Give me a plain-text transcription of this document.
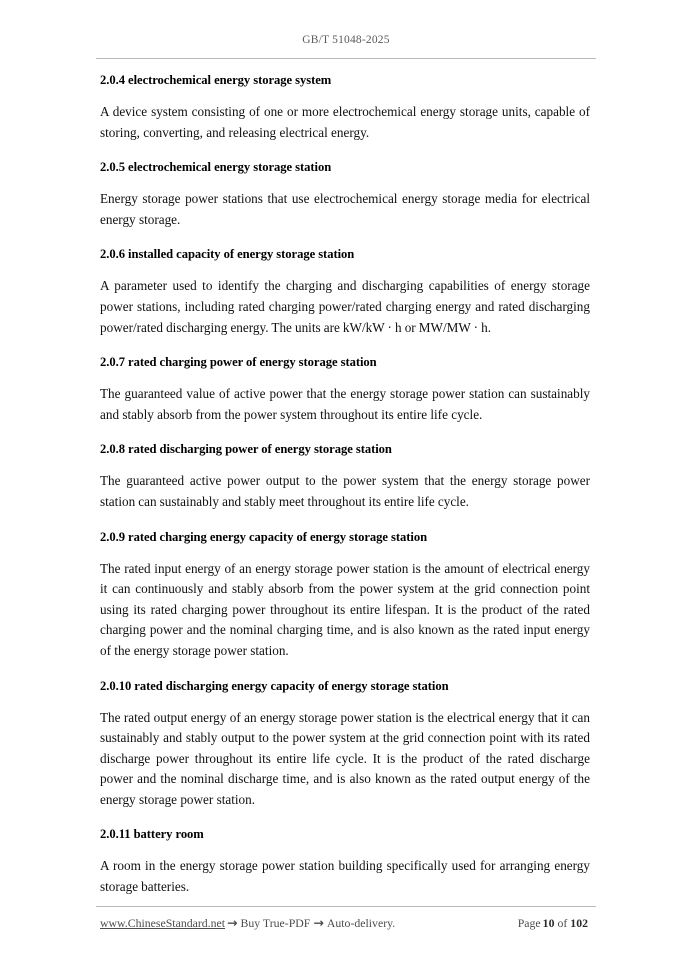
GB/T 51048-2025
2.0.4 electrochemical energy storage system
A device system consisting of one or more electrochemical energy storage units, capable of storing, converting, and releasing electrical energy.
2.0.5 electrochemical energy storage station
Energy storage power stations that use electrochemical energy storage media for electrical energy storage.
2.0.6 installed capacity of energy storage station
A parameter used to identify the charging and discharging capabilities of energy storage power stations, including rated charging power/rated charging energy and rated discharging power/rated discharging energy. The units are kW/kW · h or MW/MW · h.
2.0.7 rated charging power of energy storage station
The guaranteed value of active power that the energy storage power station can sustainably and stably absorb from the power system throughout its entire life cycle.
2.0.8 rated discharging power of energy storage station
The guaranteed active power output to the power system that the energy storage power station can sustainably and stably meet throughout its entire life cycle.
2.0.9 rated charging energy capacity of energy storage station
The rated input energy of an energy storage power station is the amount of electrical energy it can continuously and stably absorb from the power system at the grid connection point using its rated charging power throughout its entire lifespan. It is the product of the rated charging power and the nominal charging time, and is also known as the rated input energy of the energy storage power station.
2.0.10 rated discharging energy capacity of energy storage station
The rated output energy of an energy storage power station is the electrical energy that it can sustainably and stably output to the power system at the grid connection point with its rated discharge power throughout its entire life cycle. It is the product of the rated discharge power and the nominal discharge time, and is also known as the rated output energy of the energy storage power station.
2.0.11 battery room
A room in the energy storage power station building specifically used for arranging energy storage batteries.
www.ChineseStandard.net → Buy True-PDF → Auto-delivery.	Page 10 of 102
